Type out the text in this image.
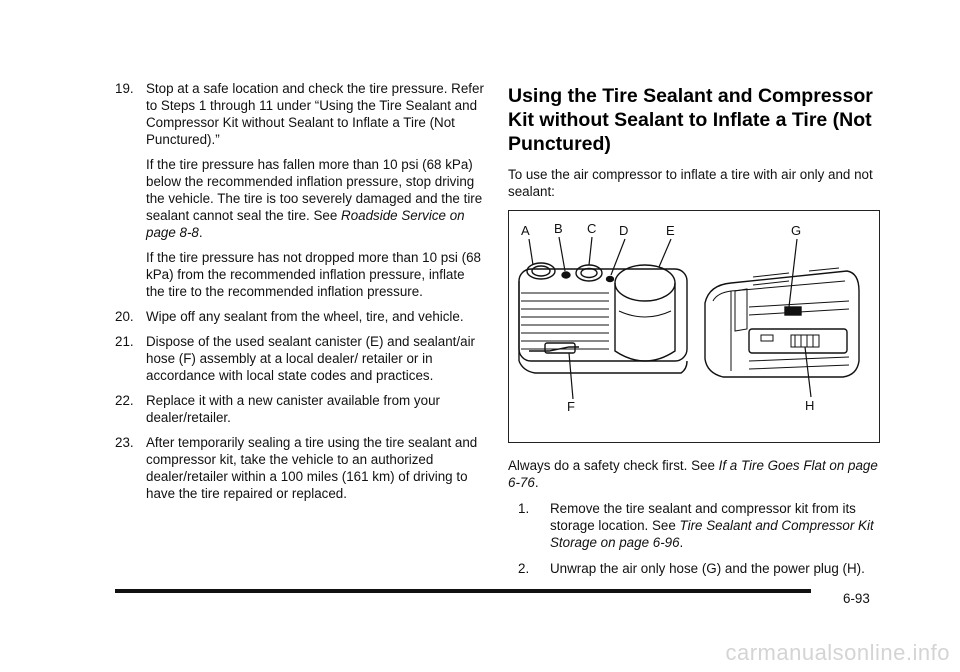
19. Stop at a safe location and check the tire pressure. Refer to Steps 1 through 11 under “Using the Tire Sealant and Compressor Kit without Sealant to Inflate a Tire (Not Punctured).”

If the tire pressure has fallen more than 10 psi (68 kPa) below the recommended inflation pressure, stop driving the vehicle. The tire is too severely damaged and the tire sealant cannot seal the tire. See Roadside Service on page 8-8.

If the tire pressure has not dropped more than 10 psi (68 kPa) from the recommended inflation pressure, inflate the tire to the recommended inflation pressure.

20. Wipe off any sealant from the wheel, tire, and vehicle.

21. Dispose of the used sealant canister (E) and sealant/air hose (F) assembly at a local dealer/ retailer or in accordance with local state codes and practices.

22. Replace it with a new canister available from your dealer/retailer.

23. After temporarily sealing a tire using the tire sealant and compressor kit, take the vehicle to an authorized dealer/retailer within a 100 miles (161 km) of driving to have the tire repaired or replaced.

Using the Tire Sealant and Compressor Kit without Sealant to Inflate a Tire (Not Punctured)

To use the air compressor to inflate a tire with air only and not sealant:

A B C D	E	G
F	H

Always do a safety check first. See If a Tire Goes Flat on page 6-76.

1. Remove the tire sealant and compressor kit from its storage location. See Tire Sealant and Compressor Kit Storage on page 6-96.
2. Unwrap the air only hose (G) and the power plug (H).
6-93
carmanualsonline.info
